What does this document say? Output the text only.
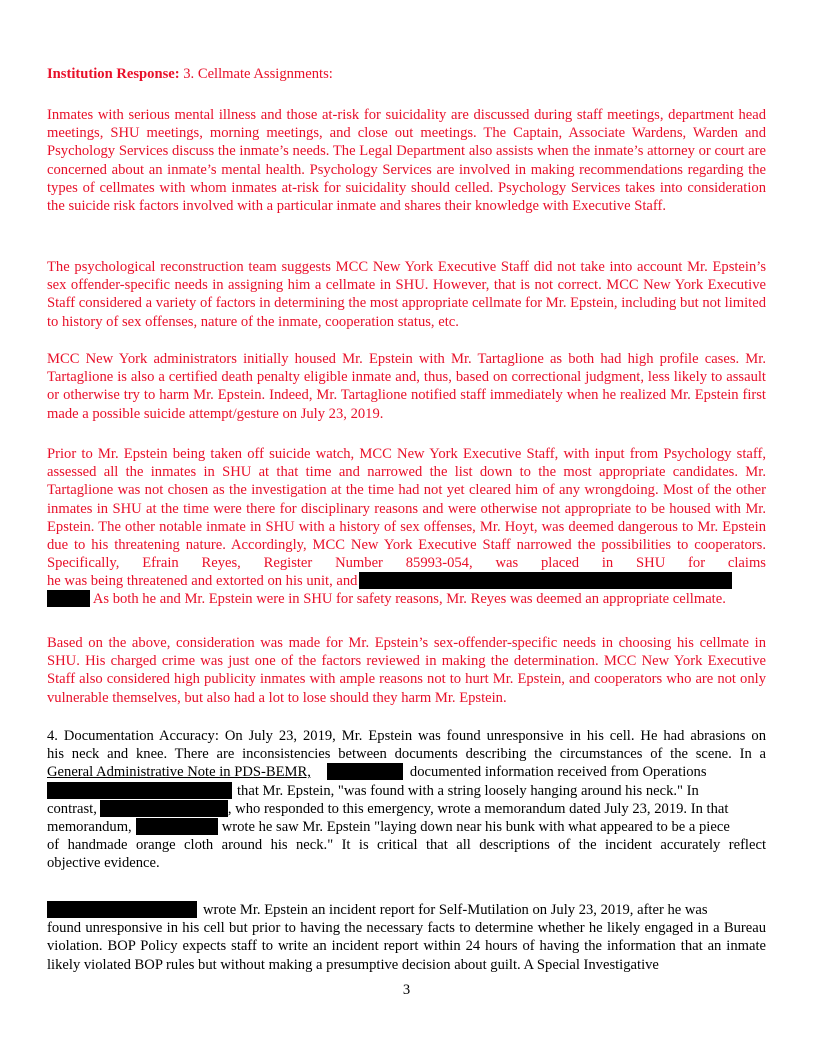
Institution Response: 3. Cellmate Assignments:

Inmates with serious mental illness and those at-risk for suicidality are discussed during staff meetings, department head meetings, SHU meetings, morning meetings, and close out meetings. The Captain, Associate Wardens, Warden and Psychology Services discuss the inmate’s needs. The Legal Department also assists when the inmate’s attorney or court are concerned about an inmate’s mental health. Psychology Services are involved in making recommendations regarding the types of cellmates with whom inmates at-risk for suicidality should celled. Psychology Services takes into consideration the suicide risk factors involved with a particular inmate and shares their knowledge with Executive Staff.

The psychological reconstruction team suggests MCC New York Executive Staff did not take into account Mr. Epstein’s sex offender-specific needs in assigning him a cellmate in SHU. However, that is not correct. MCC New York Executive Staff considered a variety of factors in determining the most appropriate cellmate for Mr. Epstein, including but not limited to history of sex offenses, nature of the inmate, cooperation status, etc.

MCC New York administrators initially housed Mr. Epstein with Mr. Tartaglione as both had high profile cases. Mr. Tartaglione is also a certified death penalty eligible inmate and, thus, based on correctional judgment, less likely to assault or otherwise try to harm Mr. Epstein. Indeed, Mr. Tartaglione notified staff immediately when he realized Mr. Epstein first made a possible suicide attempt/gesture on July 23, 2019.

Prior to Mr. Epstein being taken off suicide watch, MCC New York Executive Staff, with input from Psychology staff, assessed all the inmates in SHU at that time and narrowed the list down to the most appropriate candidates. Mr. Tartaglione was not chosen as the investigation at the time had not yet cleared him of any wrongdoing. Most of the other inmates in SHU at the time were there for disciplinary reasons and were otherwise not appropriate to be housed with Mr. Epstein. The other notable inmate in SHU with a history of sex offenses, Mr. Hoyt, was deemed dangerous to Mr. Epstein due to his threatening nature. Accordingly, MCC New York Executive Staff narrowed the possibilities to cooperators. Specifically, Efrain Reyes, Register Number 85993-054, was placed in SHU for claims
he was being threatened and extorted on his unit, and
As both he and Mr. Epstein were in SHU for safety reasons, Mr. Reyes was deemed an appropriate cellmate.

Based on the above, consideration was made for Mr. Epstein’s sex-offender-specific needs in choosing his cellmate in SHU. His charged crime was just one of the factors reviewed in making the determination. MCC New York Executive Staff also considered high publicity inmates with ample reasons not to hurt Mr. Epstein, and cooperators who are not only vulnerable themselves, but also had a lot to lose should they harm Mr. Epstein.

4. Documentation Accuracy: On July 23, 2019, Mr. Epstein was found unresponsive in his cell. He had abrasions on
his neck and knee. There are inconsistencies between documents describing the circumstances of the scene. In a
General Administrative Note in PDS-BEMR,	documented information received from Operations
that Mr. Epstein, "was found with a string loosely hanging around his neck." In
contrast,	, who responded to this emergency, wrote a memorandum dated July 23, 2019. In that
memorandum,	wrote he saw Mr. Epstein "laying down near his bunk with what appeared to be a piece
of handmade orange cloth around his neck." It is critical that all descriptions of the incident accurately reflect
objective evidence.
wrote Mr. Epstein an incident report for Self-Mutilation on July 23, 2019, after he was
found unresponsive in his cell but prior to having the necessary facts to determine whether he likely engaged in a Bureau violation. BOP Policy expects staff to write an incident report within 24 hours of having the information that an inmate likely violated BOP rules but without making a presumptive decision about guilt. A Special Investigative
3
